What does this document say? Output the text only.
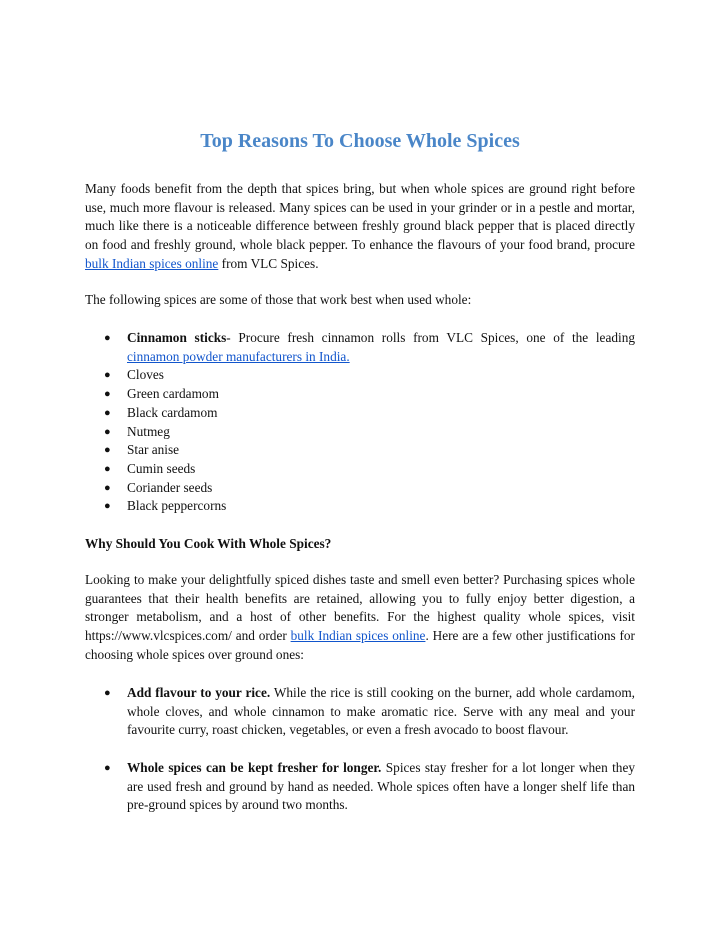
Top Reasons To Choose Whole Spices

Many foods benefit from the depth that spices bring, but when whole spices are ground right before use, much more flavour is released. Many spices can be used in your grinder or in a pestle and mortar, much like there is a noticeable difference between freshly ground black pepper that is placed directly on food and freshly ground, whole black pepper. To enhance the flavours of your food brand, procure bulk Indian spices online from VLC Spices.

The following spices are some of those that work best when used whole:

● Cinnamon sticks- Procure fresh cinnamon rolls from VLC Spices, one of the leading cinnamon powder manufacturers in India.
● Cloves
● Green cardamom
● Black cardamom
● Nutmeg
● Star anise
● Cumin seeds
● Coriander seeds
● Black peppercorns
Why Should You Cook With Whole Spices?

Looking to make your delightfully spiced dishes taste and smell even better? Purchasing spices whole guarantees that their health benefits are retained, allowing you to fully enjoy better digestion, a stronger metabolism, and a host of other benefits. For the highest quality whole spices, visit https://www.vlcspices.com/ and order bulk Indian spices online. Here are a few other justifications for choosing whole spices over ground ones:

● Add flavour to your rice. While the rice is still cooking on the burner, add whole cardamom, whole cloves, and whole cinnamon to make aromatic rice. Serve with any meal and your favourite curry, roast chicken, vegetables, or even a fresh avocado to boost flavour.
● Whole spices can be kept fresher for longer. Spices stay fresher for a lot longer when they are used fresh and ground by hand as needed. Whole spices often have a longer shelf life than pre-ground spices by around two months.
